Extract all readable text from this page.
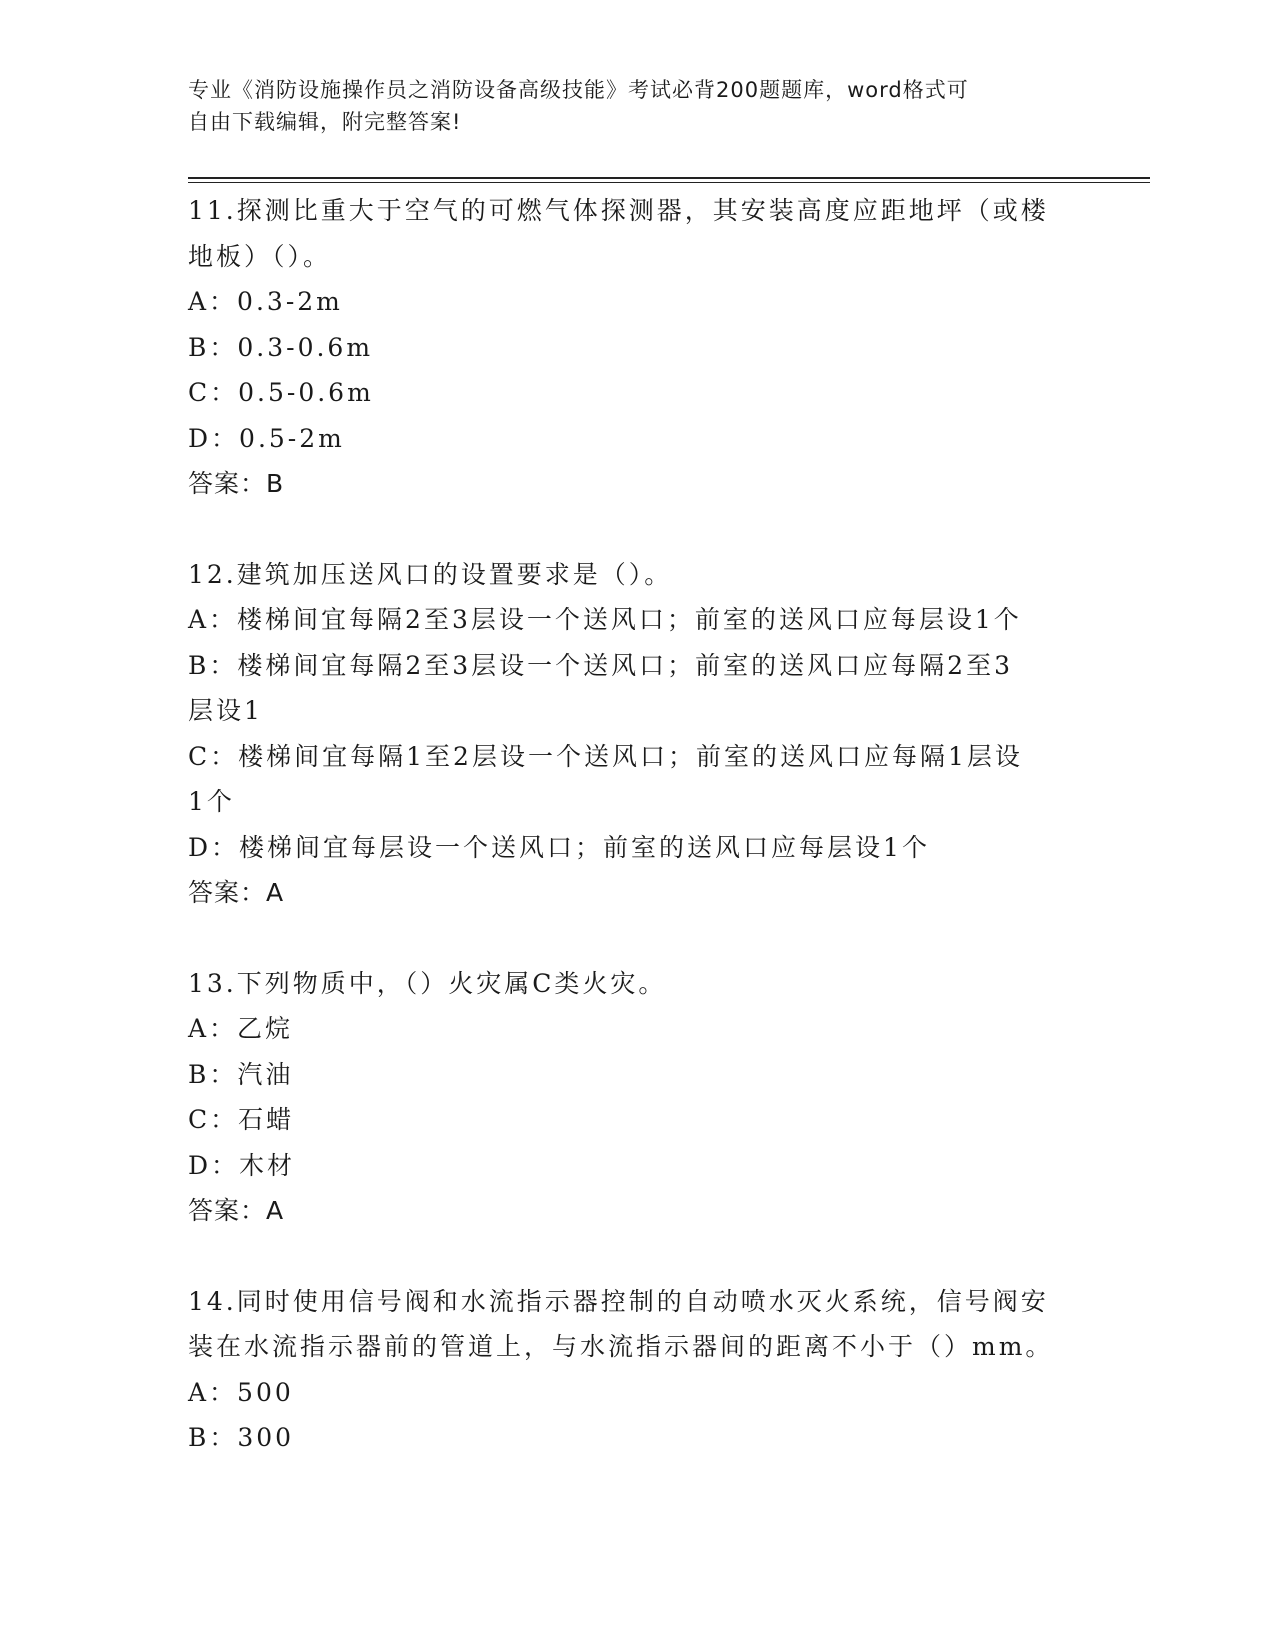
专业《消防设施操作员之消防设备高级技能》考试必背200题题库，word格式可
自由下载编辑，附完整答案!
11.探测比重大于空气的可燃气体探测器，其安装高度应距地坪（或楼
地板）（）。
A：0.3-2m
B：0.3-0.6m
C：0.5-0.6m
D：0.5-2m
答案：B
12.建筑加压送风口的设置要求是（）。
A：楼梯间宜每隔2至3层设一个送风口；前室的送风口应每层设1个
B：楼梯间宜每隔2至3层设一个送风口；前室的送风口应每隔2至3
层设1
C：楼梯间宜每隔1至2层设一个送风口；前室的送风口应每隔1层设
1个
D：楼梯间宜每层设一个送风口；前室的送风口应每层设1个
答案：A
13.下列物质中，（）火灾属C类火灾。
A：乙烷
B：汽油
C：石蜡
D：木材
答案：A
14.同时使用信号阀和水流指示器控制的自动喷水灭火系统，信号阀安
装在水流指示器前的管道上，与水流指示器间的距离不小于（）mm。
A：500
B：300
